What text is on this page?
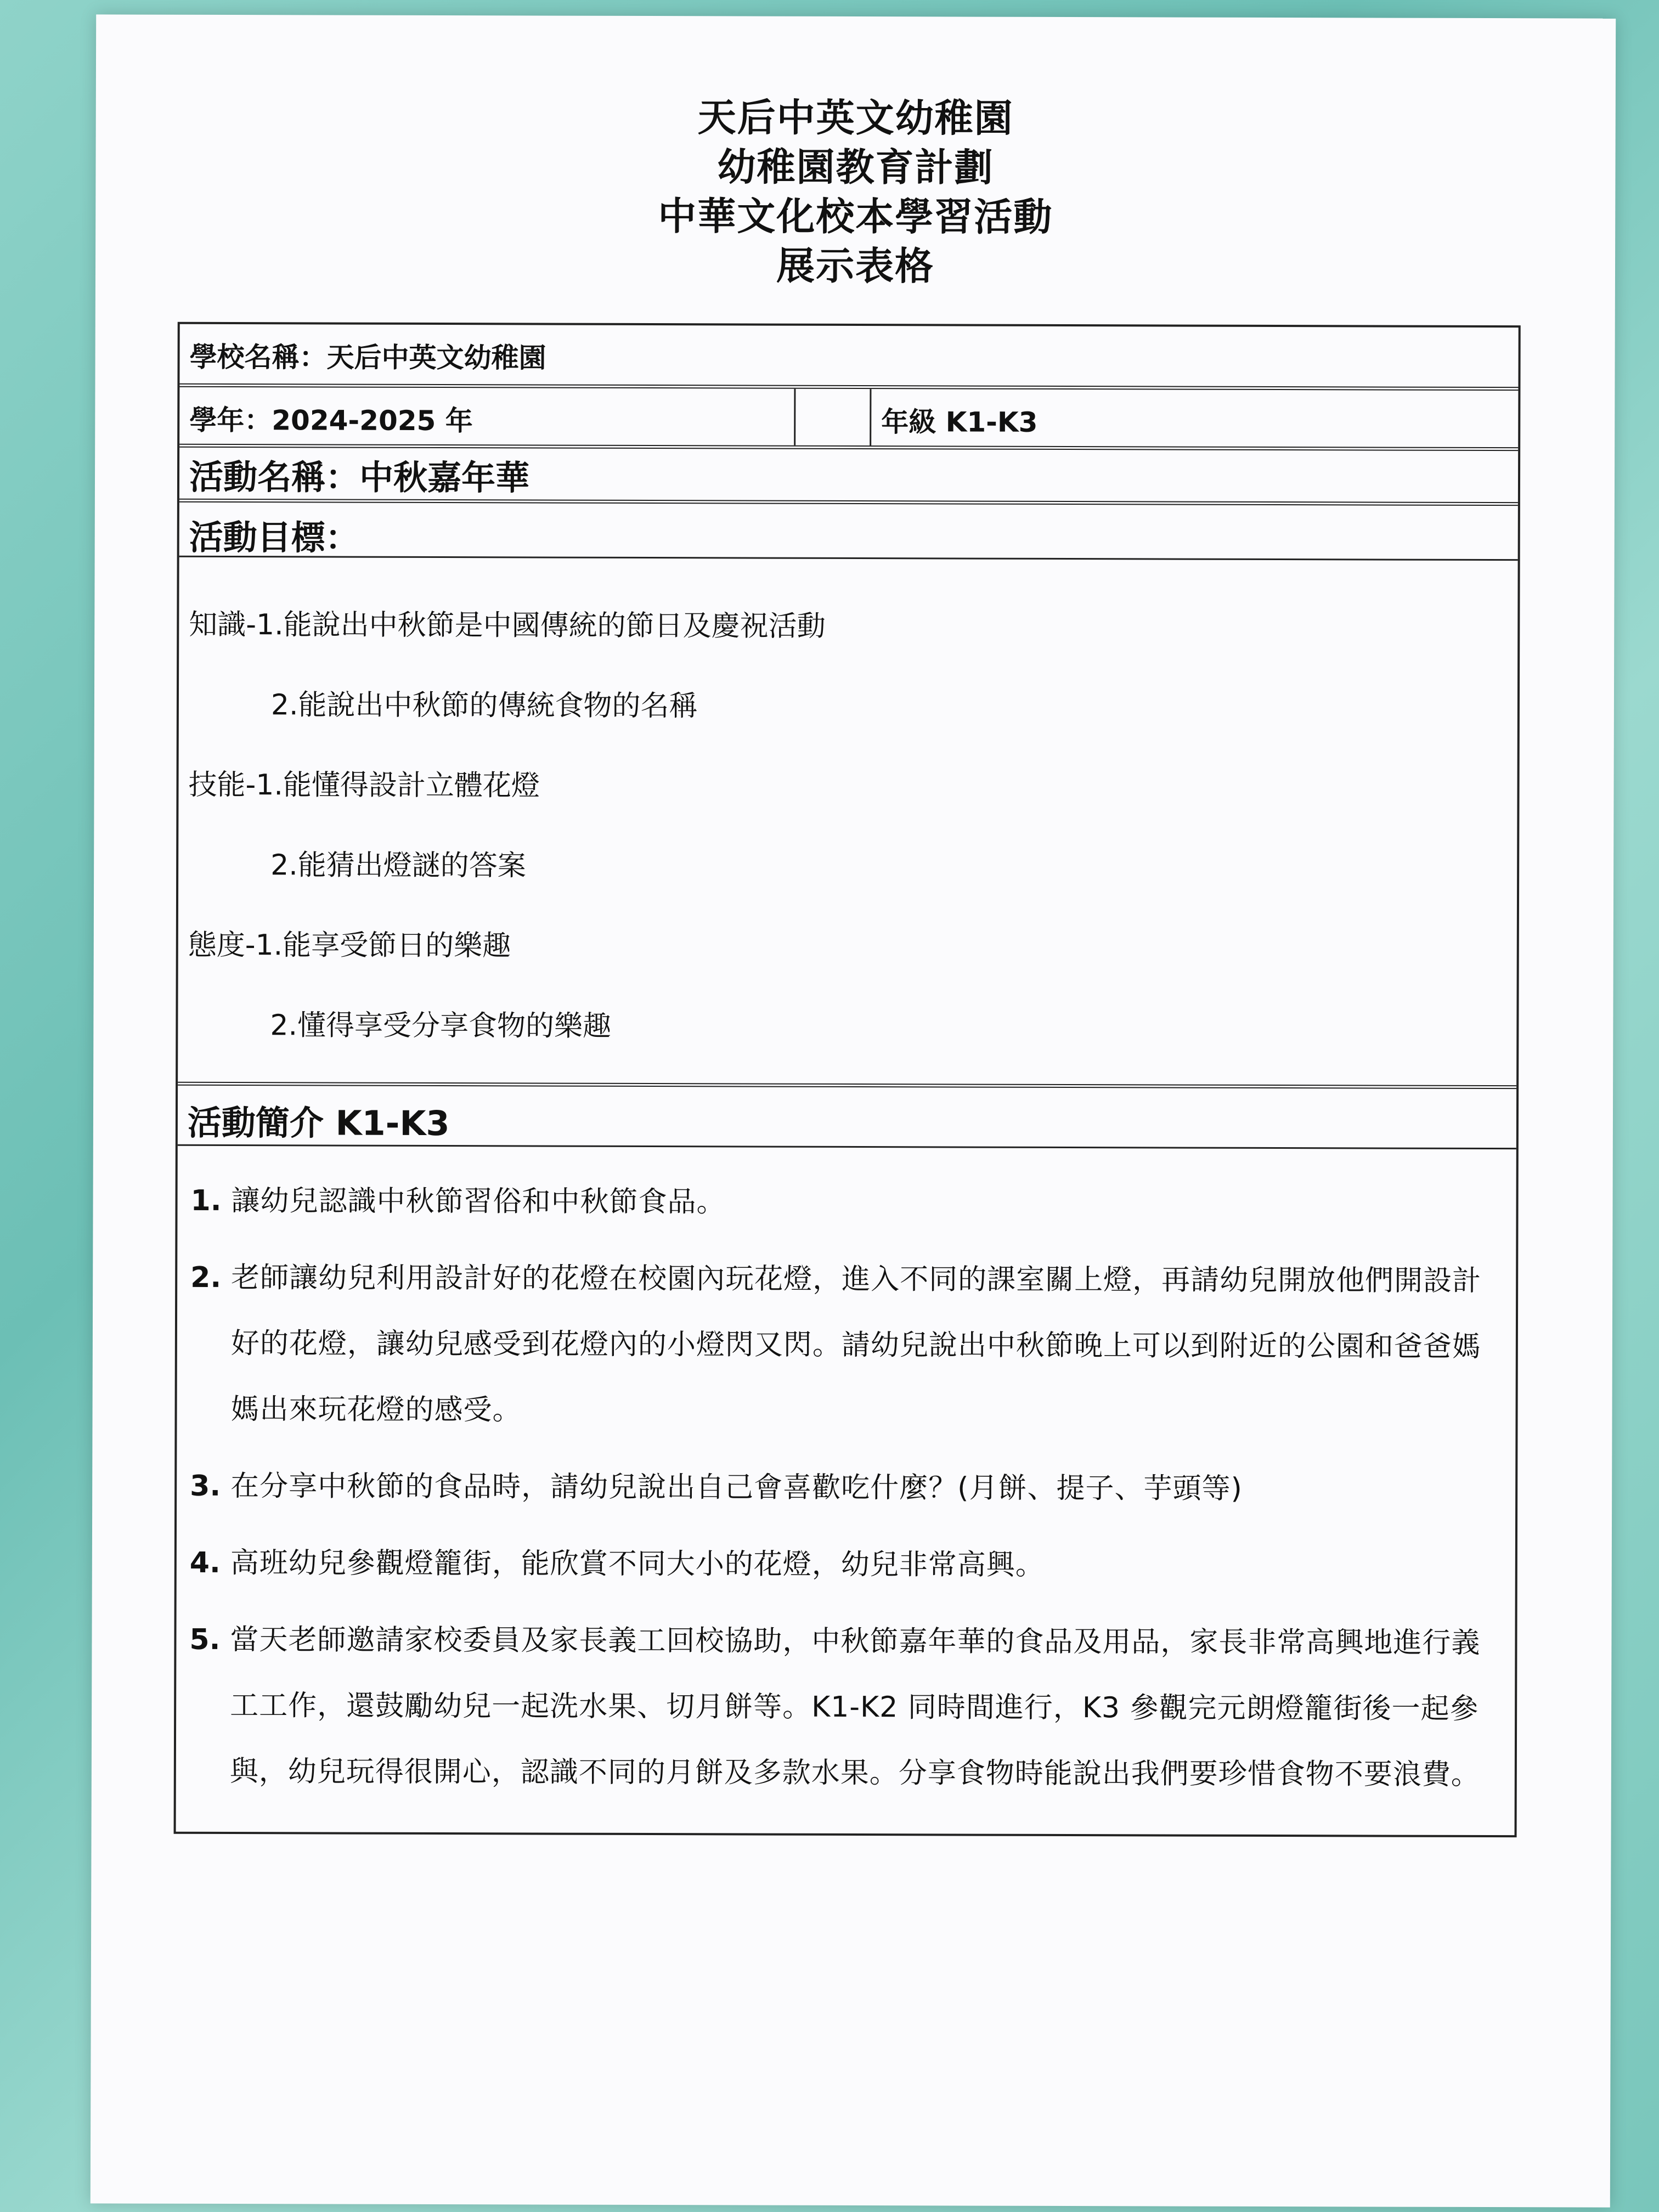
天后中英文幼稚園
幼稚園教育計劃
中華文化校本學習活動
展示表格
學校名稱：天后中英文幼稚園
學年：2024-2025 年	年級 K1-K3
活動名稱：中秋嘉年華
活動目標：
知識-1.能說出中秋節是中國傳統的節日及慶祝活動
2.能說出中秋節的傳統食物的名稱
技能-1.能懂得設計立體花燈
2.能猜出燈謎的答案
態度-1.能享受節日的樂趣
2.懂得享受分享食物的樂趣
活動簡介 K1-K3
1. 讓幼兒認識中秋節習俗和中秋節食品。
2. 老師讓幼兒利用設計好的花燈在校園內玩花燈，進入不同的課室關上燈，再請幼兒開放他們開設計好的花燈，讓幼兒感受到花燈內的小燈閃又閃。請幼兒說出中秋節晚上可以到附近的公園和爸爸媽媽出來玩花燈的感受。
3. 在分享中秋節的食品時，請幼兒說出自己會喜歡吃什麼？(月餅、提子、芋頭等)
4. 高班幼兒參觀燈籠街，能欣賞不同大小的花燈，幼兒非常高興。
5. 當天老師邀請家校委員及家長義工回校協助，中秋節嘉年華的食品及用品，家長非常高興地進行義工工作，還鼓勵幼兒一起洗水果、切月餅等。K1-K2 同時間進行，K3 參觀完元朗燈籠街後一起參與，幼兒玩得很開心，認識不同的月餅及多款水果。分享食物時能說出我們要珍惜食物不要浪費。
